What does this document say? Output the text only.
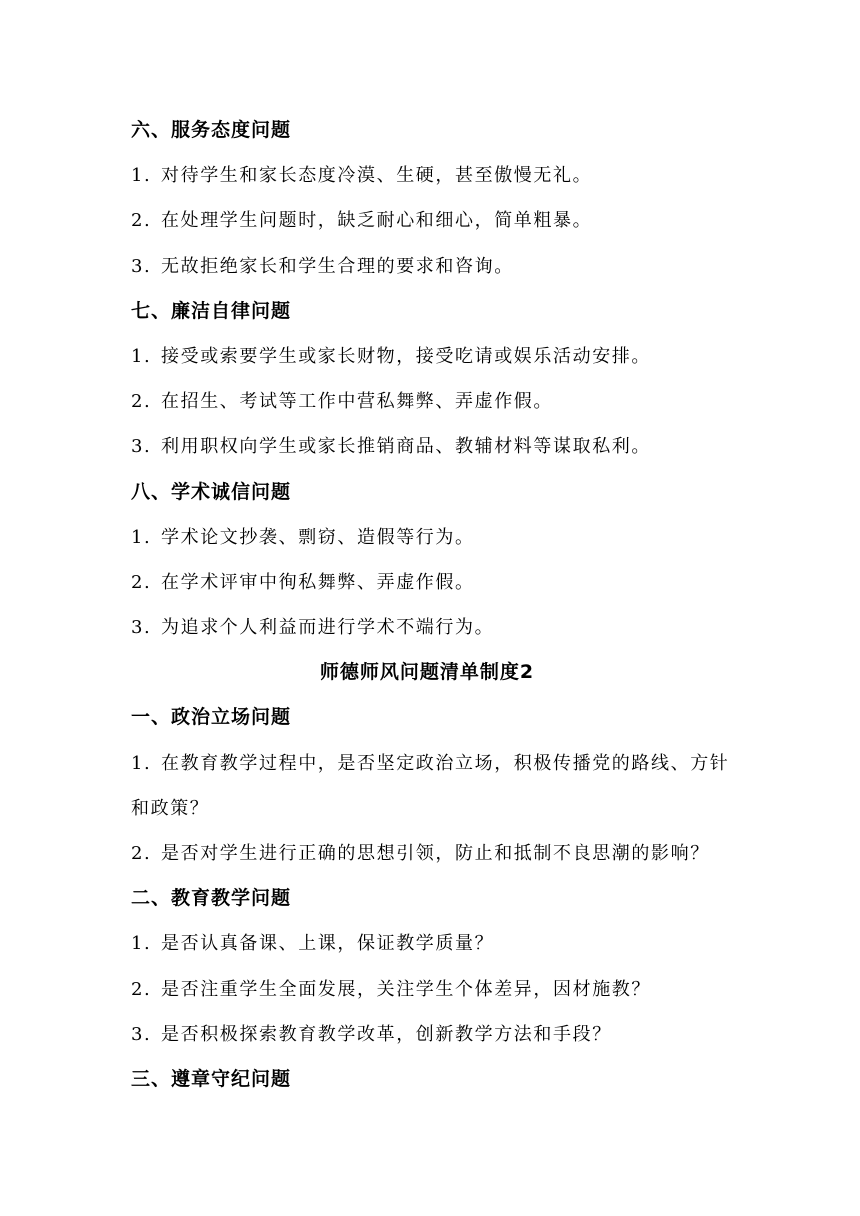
六、服务态度问题
1. 对待学生和家长态度冷漠、生硬，甚至傲慢无礼。
2. 在处理学生问题时，缺乏耐心和细心，简单粗暴。
3. 无故拒绝家长和学生合理的要求和咨询。
七、廉洁自律问题
1. 接受或索要学生或家长财物，接受吃请或娱乐活动安排。
2. 在招生、考试等工作中营私舞弊、弄虚作假。
3. 利用职权向学生或家长推销商品、教辅材料等谋取私利。
八、学术诚信问题
1. 学术论文抄袭、剽窃、造假等行为。
2. 在学术评审中徇私舞弊、弄虚作假。
3. 为追求个人利益而进行学术不端行为。
师德师风问题清单制度2
一、政治立场问题
1. 在教育教学过程中，是否坚定政治立场，积极传播党的路线、方针和政策？
2. 是否对学生进行正确的思想引领，防止和抵制不良思潮的影响？
二、教育教学问题
1. 是否认真备课、上课，保证教学质量？
2. 是否注重学生全面发展，关注学生个体差异，因材施教？
3. 是否积极探索教育教学改革，创新教学方法和手段？
三、遵章守纪问题
